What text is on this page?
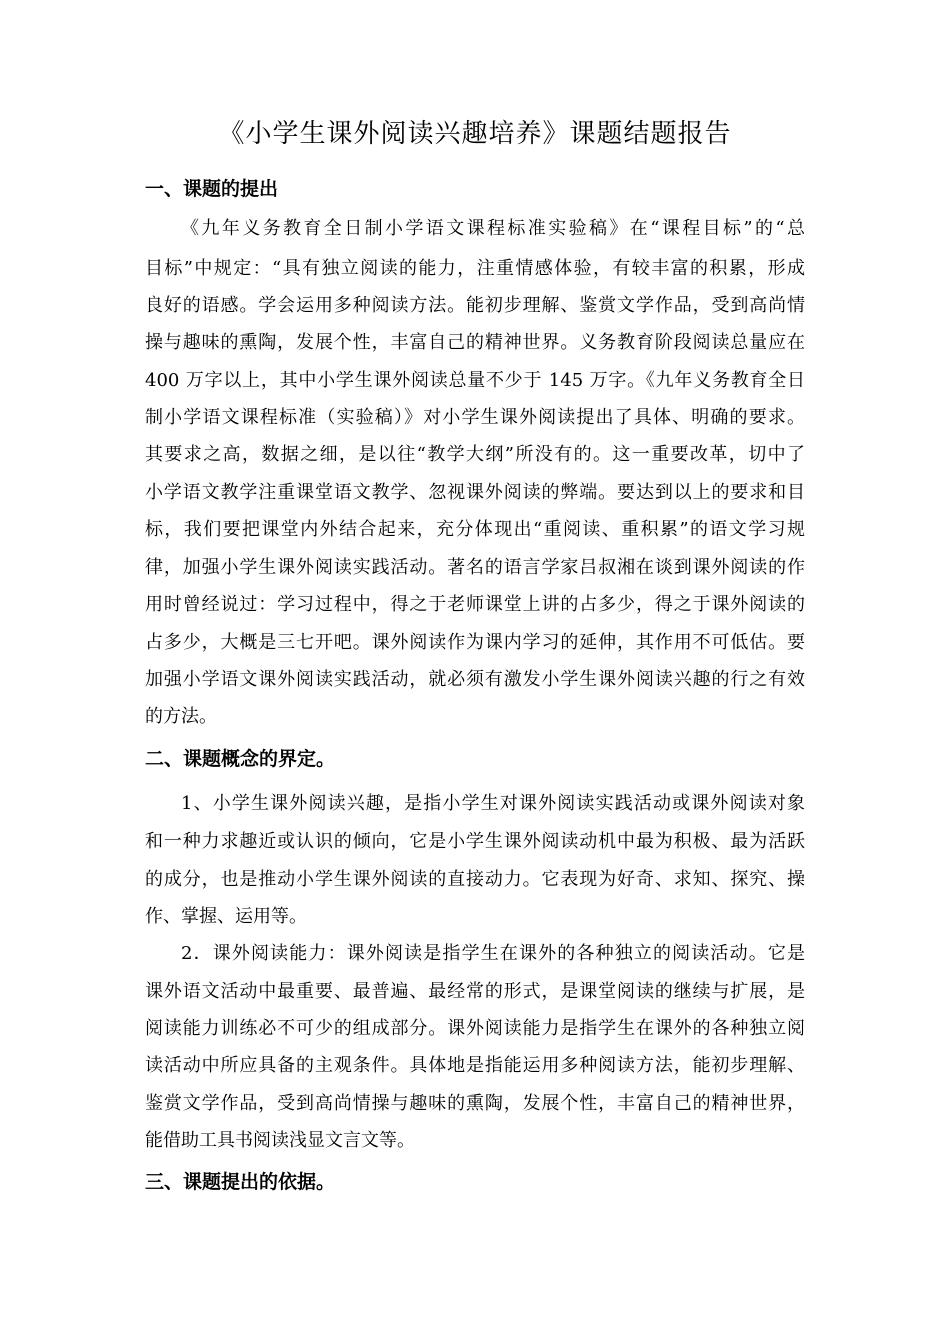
《小学生课外阅读兴趣培养》课题结题报告
一、课题的提出
《九年义务教育全日制小学语文课程标准实验稿》在“课程目标”的“总
目标”中规定：“具有独立阅读的能力，注重情感体验，有较丰富的积累，形成
良好的语感。学会运用多种阅读方法。能初步理解、鉴赏文学作品，受到高尚情
操与趣味的熏陶，发展个性，丰富自己的精神世界。义务教育阶段阅读总量应在
400 万字以上，其中小学生课外阅读总量不少于 145 万字。《九年义务教育全日
制小学语文课程标准（实验稿）》对小学生课外阅读提出了具体、明确的要求。
其要求之高，数据之细，是以往“教学大纲”所没有的。这一重要改革，切中了
小学语文教学注重课堂语文教学、忽视课外阅读的弊端。要达到以上的要求和目
标，我们要把课堂内外结合起来，充分体现出“重阅读、重积累”的语文学习规
律，加强小学生课外阅读实践活动。著名的语言学家吕叔湘在谈到课外阅读的作
用时曾经说过：学习过程中，得之于老师课堂上讲的占多少，得之于课外阅读的
占多少，大概是三七开吧。课外阅读作为课内学习的延伸，其作用不可低估。要
加强小学语文课外阅读实践活动，就必须有激发小学生课外阅读兴趣的行之有效
的方法。
二、课题概念的界定。
1、小学生课外阅读兴趣，是指小学生对课外阅读实践活动或课外阅读对象
和一种力求趣近或认识的倾向，它是小学生课外阅读动机中最为积极、最为活跃
的成分，也是推动小学生课外阅读的直接动力。它表现为好奇、求知、探究、操
作、掌握、运用等。
2．课外阅读能力：课外阅读是指学生在课外的各种独立的阅读活动。它是
课外语文活动中最重要、最普遍、最经常的形式，是课堂阅读的继续与扩展，是
阅读能力训练必不可少的组成部分。课外阅读能力是指学生在课外的各种独立阅
读活动中所应具备的主观条件。具体地是指能运用多种阅读方法，能初步理解、
鉴赏文学作品，受到高尚情操与趣味的熏陶，发展个性，丰富自己的精神世界，
能借助工具书阅读浅显文言文等。
三、课题提出的依据。
